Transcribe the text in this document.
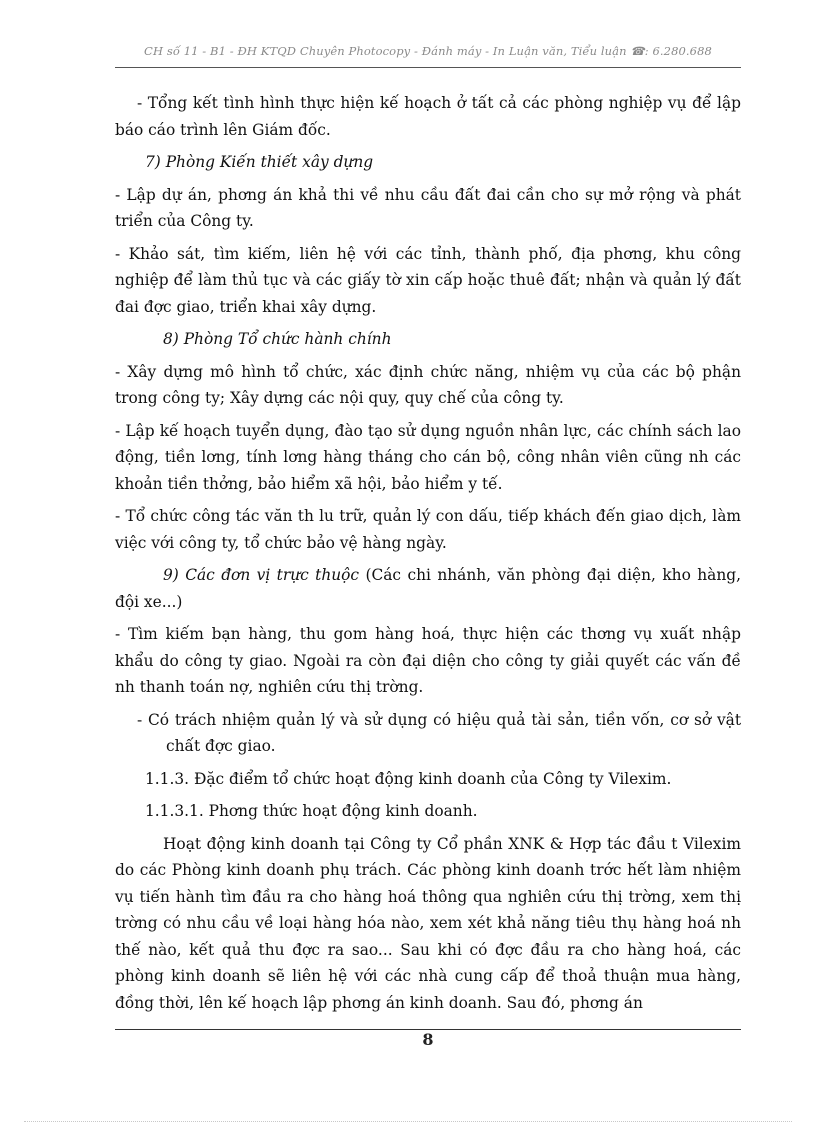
CH số 11 - B1 - ĐH KTQD Chuyên Photocopy - Đánh máy - In Luận văn, Tiểu luận ☎: 6.280.688

- Tổng kết tình hình thực hiện kế hoạch ở tất cả các phòng nghiệp vụ để lập báo cáo trình lên Giám đốc.

7) Phòng Kiến thiết xây dựng

- Lập dự án, phơng án khả thi về nhu cầu đất đai cần cho sự mở rộng và phát triển của Công ty.

- Khảo sát, tìm kiếm, liên hệ với các tỉnh, thành phố, địa phơng, khu công nghiệp để làm thủ tục và các giấy tờ xin cấp hoặc thuê đất; nhận và quản lý đất đai đợc giao, triển khai xây dựng.

8) Phòng Tổ chức hành chính

- Xây dựng mô hình tổ chức, xác định chức năng, nhiệm vụ của các bộ phận trong công ty; Xây dựng các nội quy, quy chế của công ty.

- Lập kế hoạch tuyển dụng, đào tạo sử dụng nguồn nhân lực, các chính sách lao động, tiền lơng, tính lơng hàng tháng cho cán bộ, công nhân viên cũng nh các khoản tiền thởng, bảo hiểm xã hội, bảo hiểm y tế.

- Tổ chức công tác văn th lu trữ, quản lý con dấu, tiếp khách đến giao dịch, làm việc với công ty, tổ chức bảo vệ hàng ngày.

9) Các đơn vị trực thuộc (Các chi nhánh, văn phòng đại diện, kho hàng, đội xe...)

- Tìm kiếm bạn hàng, thu gom hàng hoá, thực hiện các thơng vụ xuất nhập khẩu do công ty giao. Ngoài ra còn đại diện cho công ty giải quyết các vấn đề nh thanh toán nợ, nghiên cứu thị trờng.

- Có trách nhiệm quản lý và sử dụng có hiệu quả tài sản, tiền vốn, cơ sở vật chất đợc giao.

1.1.3. Đặc điểm tổ chức hoạt động kinh doanh của Công ty Vilexim.

1.1.3.1. Phơng thức hoạt động kinh doanh.

Hoạt động kinh doanh tại Công ty Cổ phần XNK & Hợp tác đầu t Vilexim do các Phòng kinh doanh phụ trách. Các phòng kinh doanh trớc hết làm nhiệm vụ tiến hành tìm đầu ra cho hàng hoá thông qua nghiên cứu thị trờng, xem thị trờng có nhu cầu về loại hàng hóa nào, xem xét khả năng tiêu thụ hàng hoá nh thế nào, kết quả thu đợc ra sao... Sau khi có đợc đầu ra cho hàng hoá, các phòng kinh doanh sẽ liên hệ với các nhà cung cấp để thoả thuận mua hàng, đồng thời, lên kế hoạch lập phơng án kinh doanh. Sau đó, phơng án

8
